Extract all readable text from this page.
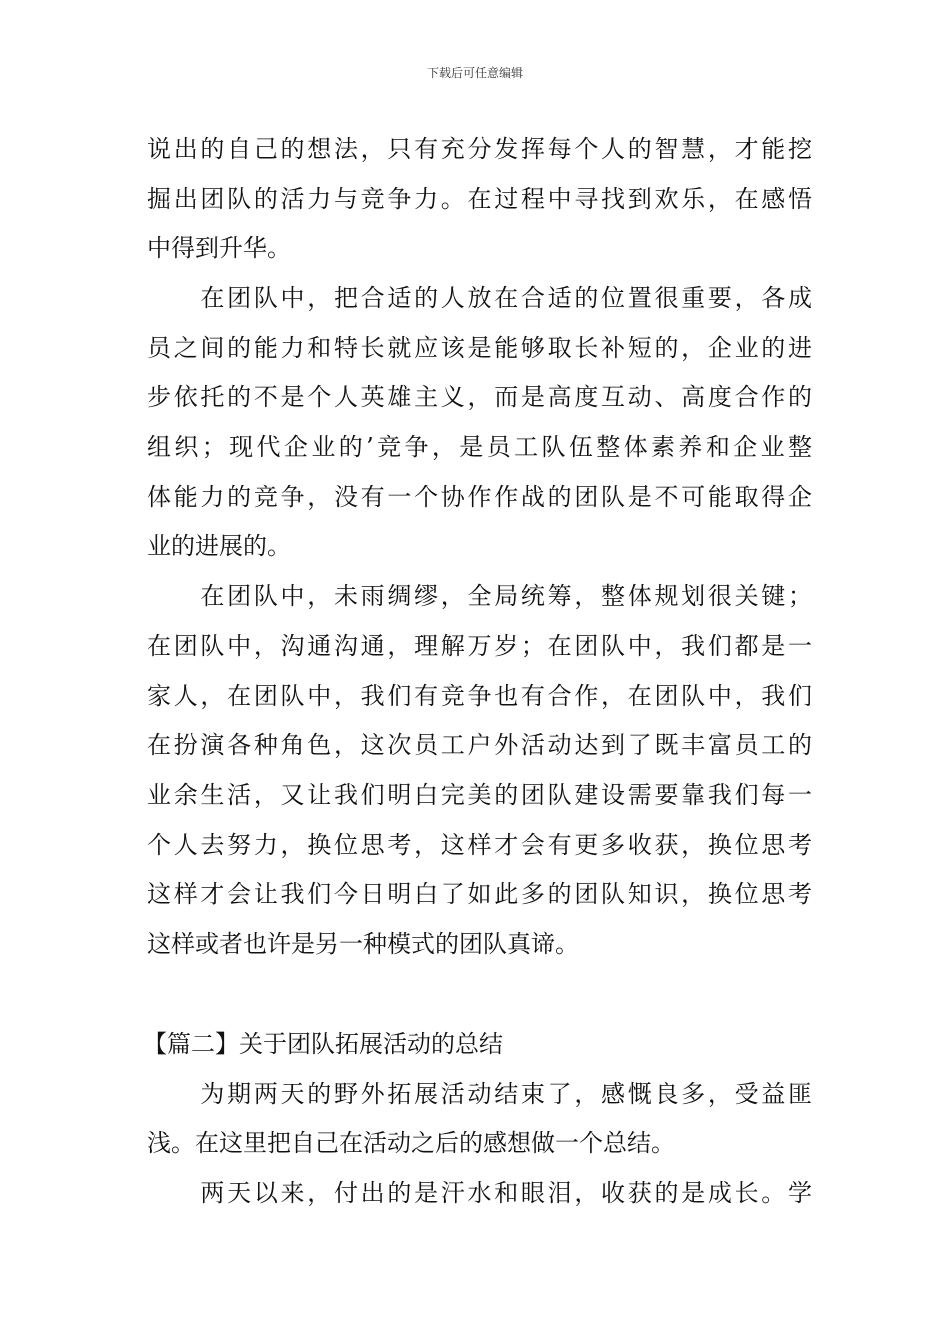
下载后可任意编辑
说出的自己的想法，只有充分发挥每个人的智慧，才能挖
掘出团队的活力与竞争力。在过程中寻找到欢乐，在感悟
中得到升华。
　　在团队中，把合适的人放在合适的位置很重要，各成
员之间的能力和特长就应该是能够取长补短的，企业的进
步依托的不是个人英雄主义，而是高度互动、高度合作的
组织；现代企业的’竞争，是员工队伍整体素养和企业整
体能力的竞争，没有一个协作作战的团队是不可能取得企
业的进展的。
　　在团队中，未雨绸缪，全局统筹，整体规划很关键；
在团队中，沟通沟通，理解万岁；在团队中，我们都是一
家人，在团队中，我们有竞争也有合作，在团队中，我们
在扮演各种角色，这次员工户外活动达到了既丰富员工的
业余生活，又让我们明白完美的团队建设需要靠我们每一
个人去努力，换位思考，这样才会有更多收获，换位思考
这样才会让我们今日明白了如此多的团队知识，换位思考
这样或者也许是另一种模式的团队真谛。
【篇二】关于团队拓展活动的总结
　　为期两天的野外拓展活动结束了，感慨良多，受益匪
浅。在这里把自己在活动之后的感想做一个总结。
　　两天以来，付出的是汗水和眼泪，收获的是成长。学
